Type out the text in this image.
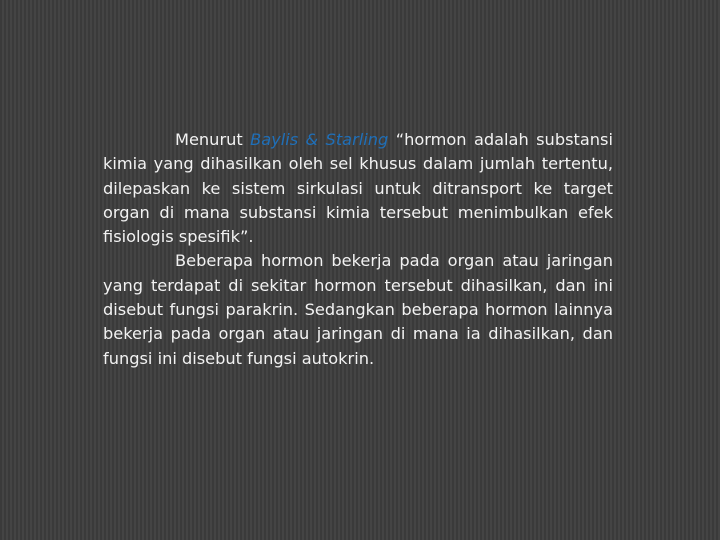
Menurut Baylis & Starling “hormon adalah substansi kimia yang dihasilkan oleh sel khusus dalam jumlah tertentu, dilepaskan ke sistem sirkulasi untuk ditransport ke target organ di mana substansi kimia tersebut menimbulkan efek fisiologis spesifik”.

Beberapa hormon bekerja pada organ atau jaringan yang terdapat di sekitar hormon tersebut dihasilkan, dan ini disebut fungsi parakrin. Sedangkan beberapa hormon lainnya bekerja pada organ atau jaringan di mana ia dihasilkan, dan fungsi ini disebut fungsi autokrin.
